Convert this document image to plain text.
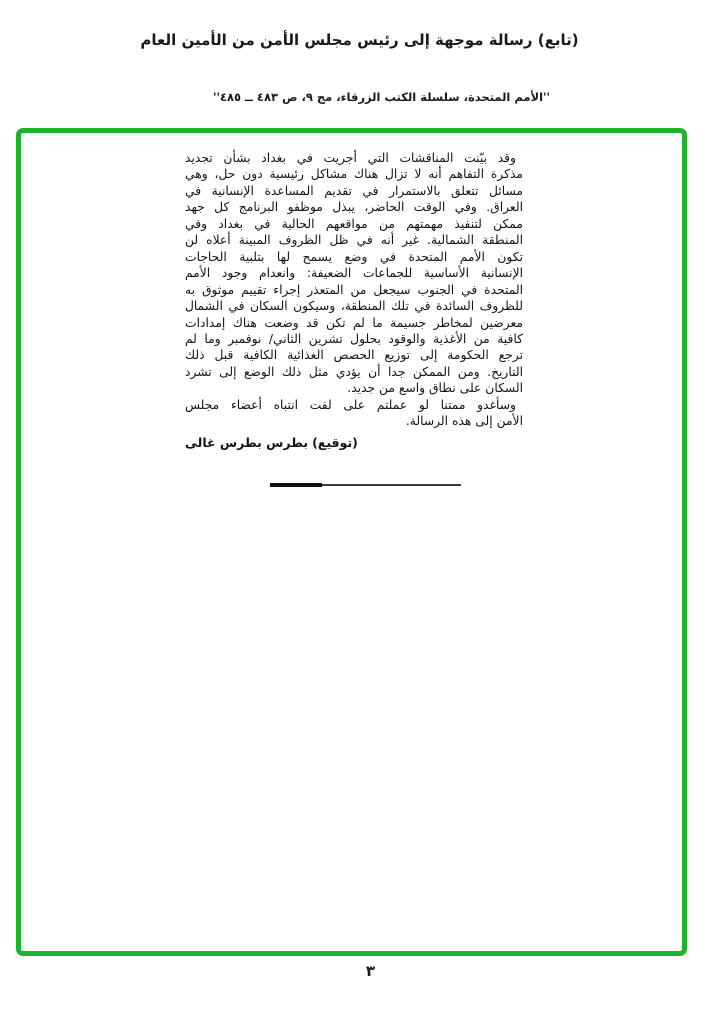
(تابع) رسالة موجهة إلى رئيس مجلس الأمن من الأمين العام
''الأمم المتحدة، سلسلة الكتب الزرقاء، مج ٩، ص ٤٨٣ ــ ٤٨٥''
وقد بيّنت المناقشات التي أجريت في بغداد بشأن تجديد
مذكرة التفاهم أنه لا تزال هناك مشاكل رئيسية دون حل، وهي
مسائل تتعلق بالاستمرار في تقديم المساعدة الإنسانية في
العراق. وفي الوقت الحاضر، يبذل موظفو البرنامج كل جهد
ممكن لتنفيذ مهمتهم من مواقعهم الحالية في بغداد وفي
المنطقة الشمالية. غير أنه في ظل الظروف المبينة أعلاه لن
تكون الأمم المتحدة في وضع يسمح لها بتلبية الحاجات
الإنسانية الأساسية للجماعات الضعيفة: وانعدام وجود الأمم
المتحدة في الجنوب سيجعل من المتعذر إجراء تقييم موثوق به
للظروف السائدة في تلك المنطقة، وسيكون السكان في الشمال
معرضين لمخاطر جسيمة ما لم تكن قد وضعت هناك إمدادات
كافية من الأغذية والوقود بحلول تشرين الثاني/ نوفمبر وما لم
ترجع الحكومة إلى توزيع الحصص الغذائية الكافية قبل ذلك
التاريخ. ومن الممكن جدا أن يؤدي مثل ذلك الوضع إلى تشرد
السكان على نطاق واسع من جديد.
وسأغدو ممتنا لو عملتم على لفت انتباه أعضاء مجلس
الأمن إلى هذه الرسالة.
(توقيع) بطرس بطرس غالى
٣
